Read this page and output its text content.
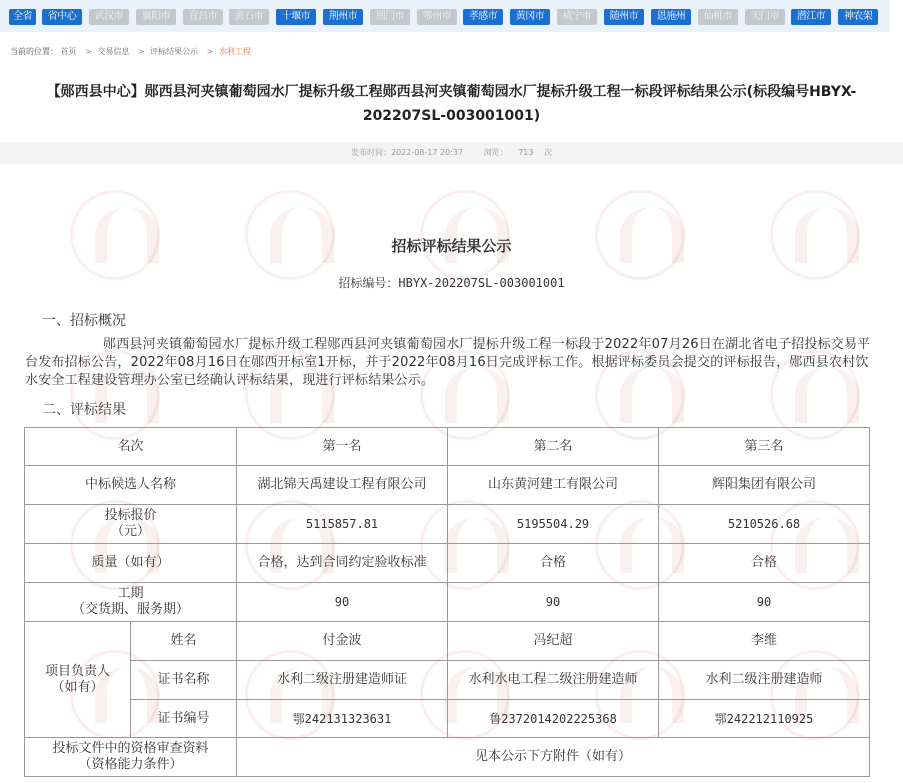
全省	省中心	武汉市	襄阳市	宜昌市	黄石市	十堰市	荆州市	荆门市	鄂州市	孝感市	黄冈市	咸宁市	随州市	恩施州	仙桃市	天门市	潜江市	神农架
当前的位置： 首页 > 交易信息 > 评标结果公示 > 水利工程
【郧西县中心】郧西县河夹镇葡萄园水厂提标升级工程郧西县河夹镇葡萄园水厂提标升级工程一标段评标结果公示(标段编号HBYX-202207SL-003001001)
发布时间：2022-08-17 20:37	浏览： 713 次
招标评标结果公示
招标编号：HBYX-202207SL-003001001
一、招标概况
郧西县河夹镇葡萄园水厂提标升级工程郧西县河夹镇葡萄园水厂提标升级工程一标段于2022年07月26日在湖北省电子招投标交易平台发布招标公告，2022年08月16日在郧西开标室1开标，并于2022年08月16日完成评标工作。根据评标委员会提交的评标报告，郧西县农村饮水安全工程建设管理办公室已经确认评标结果，现进行评标结果公示。
二、评标结果
名次		第一名	第二名	第三名
中标候选人名称		湖北锦天禹建设工程有限公司	山东黄河建工有限公司	辉阳集团有限公司

投标报价
（元）		5115857.81	5195504.29	5210526.68
质量（如有）		合格，达到合同约定验收标准	合格	合格

工期
（交货期、服务期）		90	90	90

项目负责人
（如有）	姓名	付金波	冯纪超	李维
	证书名称	水利二级注册建造师证	水利水电工程二级注册建造师	水利二级注册建造师
	证书编号	鄂242131323631	鲁2372014202225368	鄂242212110925

投标文件中的资格审查资料
（资格能力条件）		见本公示下方附件（如有）		
